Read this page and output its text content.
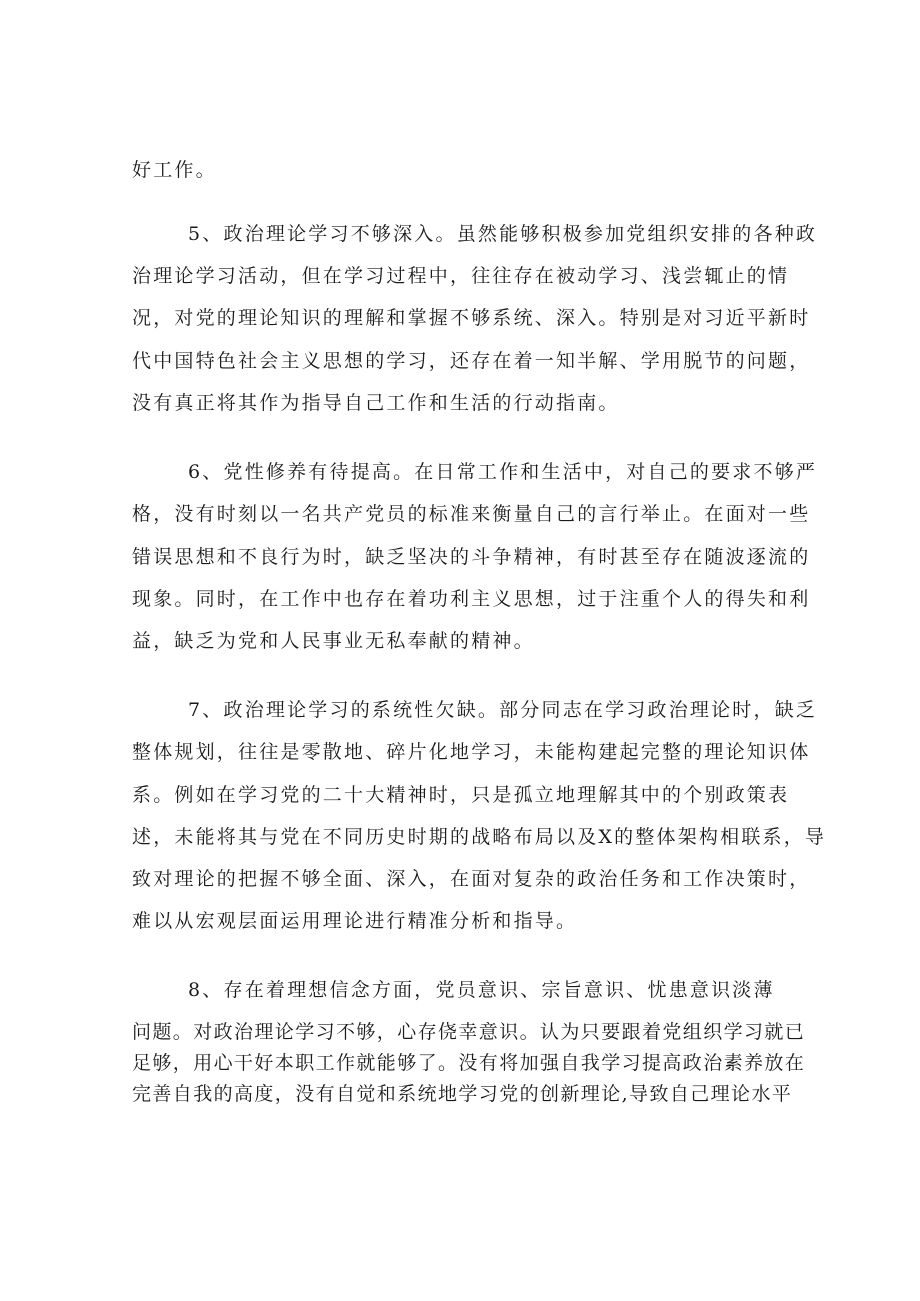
好工作。
5、政治理论学习不够深入。虽然能够积极参加党组织安排的各种政
治理论学习活动，但在学习过程中，往往存在被动学习、浅尝辄止的情
况，对党的理论知识的理解和掌握不够系统、深入。特别是对习近平新时
代中国特色社会主义思想的学习，还存在着一知半解、学用脱节的问题，
没有真正将其作为指导自己工作和生活的行动指南。
6、党性修养有待提高。在日常工作和生活中，对自己的要求不够严
格，没有时刻以一名共产党员的标准来衡量自己的言行举止。在面对一些
错误思想和不良行为时，缺乏坚决的斗争精神，有时甚至存在随波逐流的
现象。同时，在工作中也存在着功利主义思想，过于注重个人的得失和利
益，缺乏为党和人民事业无私奉献的精神。
7、政治理论学习的系统性欠缺。部分同志在学习政治理论时，缺乏
整体规划，往往是零散地、碎片化地学习，未能构建起完整的理论知识体
系。例如在学习党的二十大精神时，只是孤立地理解其中的个别政策表
述，未能将其与党在不同历史时期的战略布局以及X的整体架构相联系，导
致对理论的把握不够全面、深入，在面对复杂的政治任务和工作决策时，
难以从宏观层面运用理论进行精准分析和指导。
8、存在着理想信念方面，党员意识、宗旨意识、忧患意识淡薄
问题。对政治理论学习不够，心存侥幸意识。认为只要跟着党组织学习就已
足够，用心干好本职工作就能够了。没有将加强自我学习提高政治素养放在
完善自我的高度，没有自觉和系统地学习党的创新理论,导致自己理论水平
